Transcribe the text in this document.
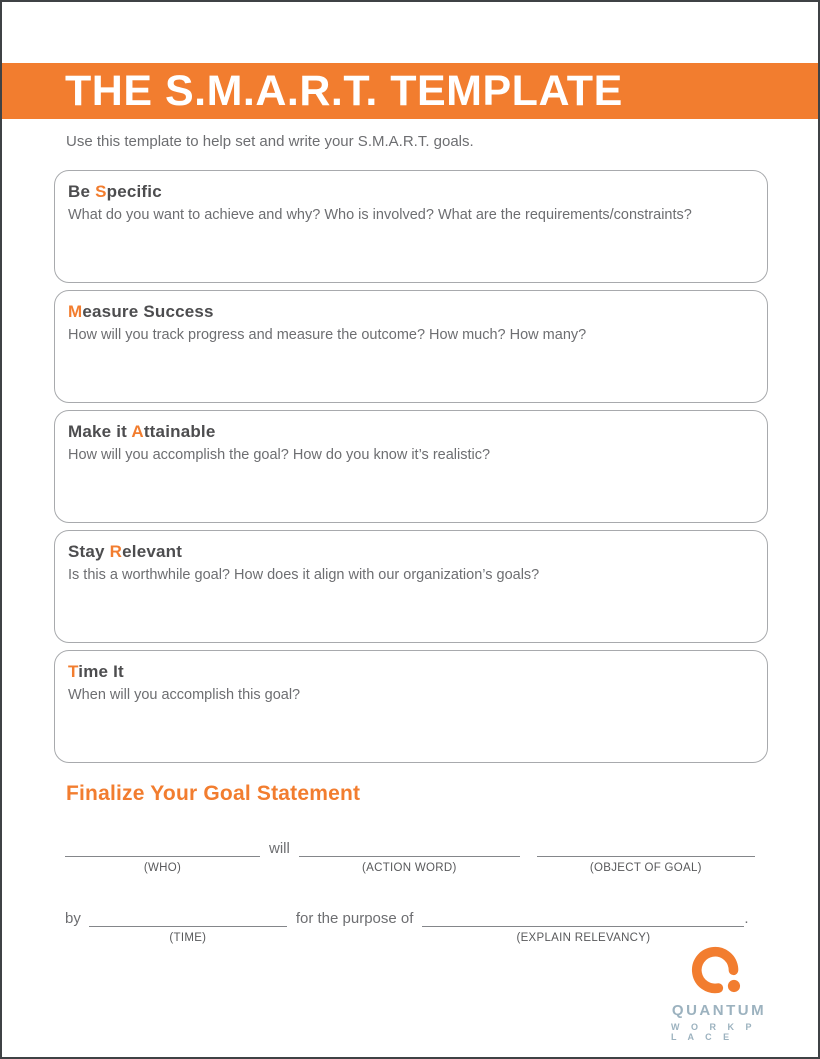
THE S.M.A.R.T. TEMPLATE
Use this template to help set and write your S.M.A.R.T. goals.
Be Specific

What do you want to achieve and why? Who is involved? What are the requirements/constraints?

Measure Success

How will you track progress and measure the outcome? How much? How many?

Make it Attainable

How will you accomplish the goal? How do you know it’s realistic?

Stay Relevant

Is this a worthwhile goal? How does it align with our organization’s goals?

Time It

When will you accomplish this goal?

Finalize Your Goal Statement
(WHO)
will
(ACTION WORD)	(OBJECT OF GOAL)
by
(TIME)
for the purpose of
(EXPLAIN RELEVANCY)
.
QUANTUM
W O R K P L A C E
